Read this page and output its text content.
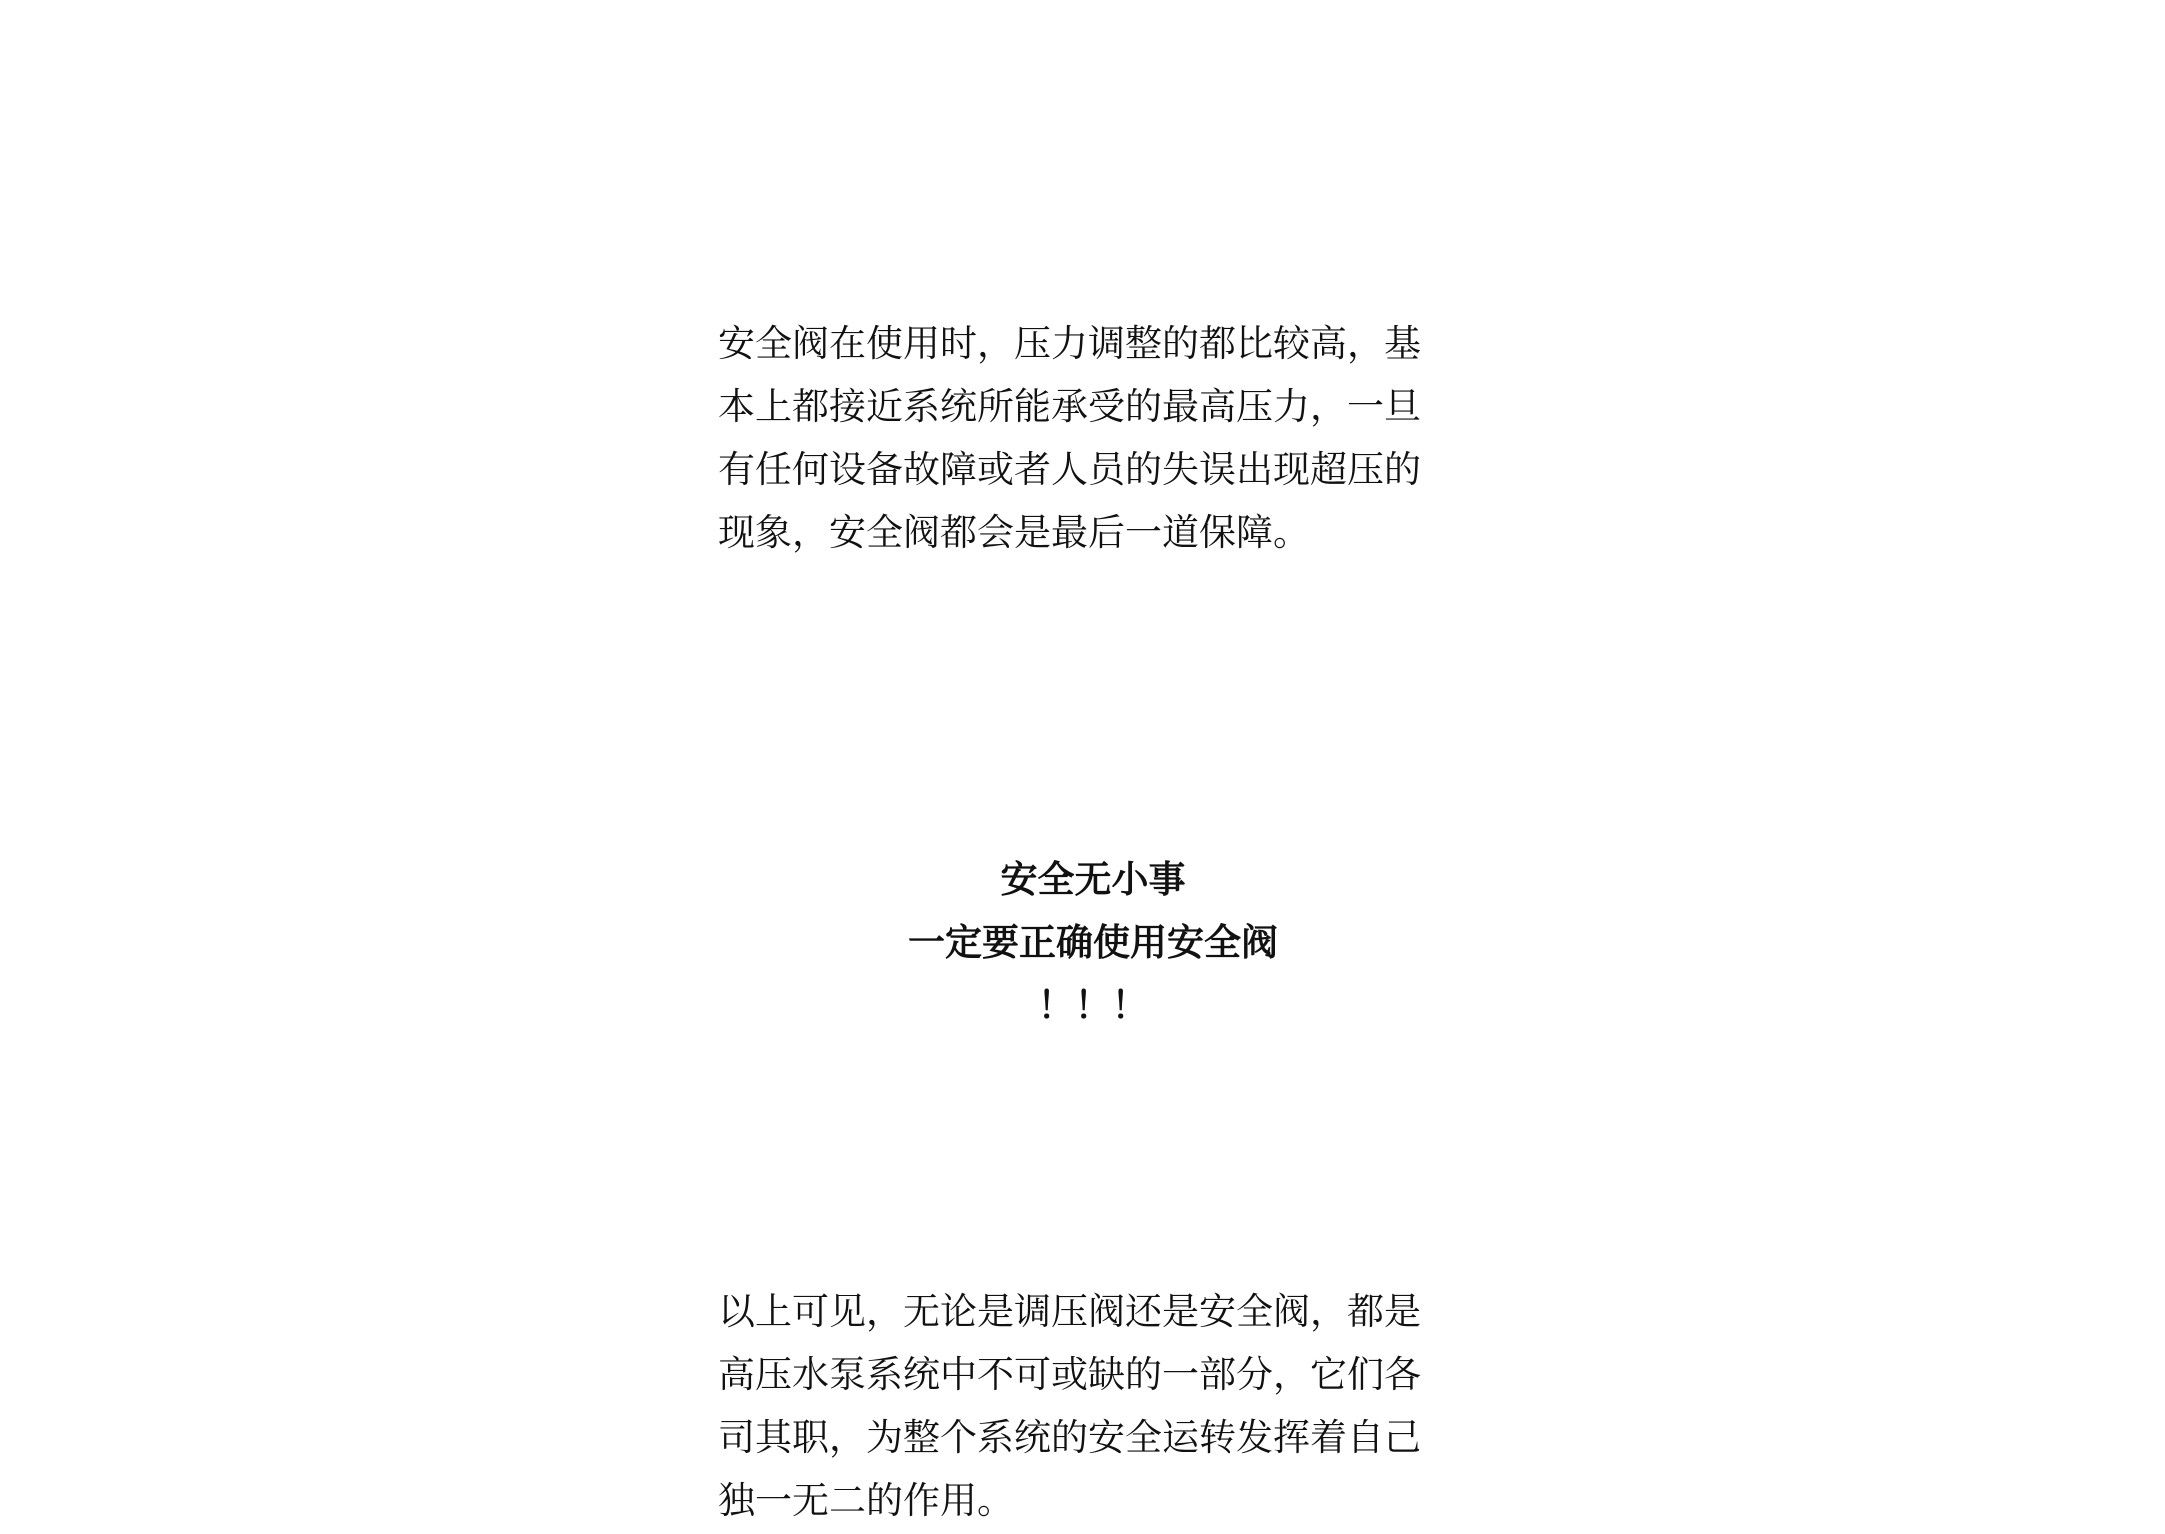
安全阀在使用时，压力调整的都比较高，基
本上都接近系统所能承受的最高压力，一旦
有任何设备故障或者人员的失误出现超压的
现象，安全阀都会是最后一道保障。
安全无小事
一定要正确使用安全阀
！！！
以上可见，无论是调压阀还是安全阀，都是
高压水泵系统中不可或缺的一部分，它们各
司其职，为整个系统的安全运转发挥着自己
独一无二的作用。
